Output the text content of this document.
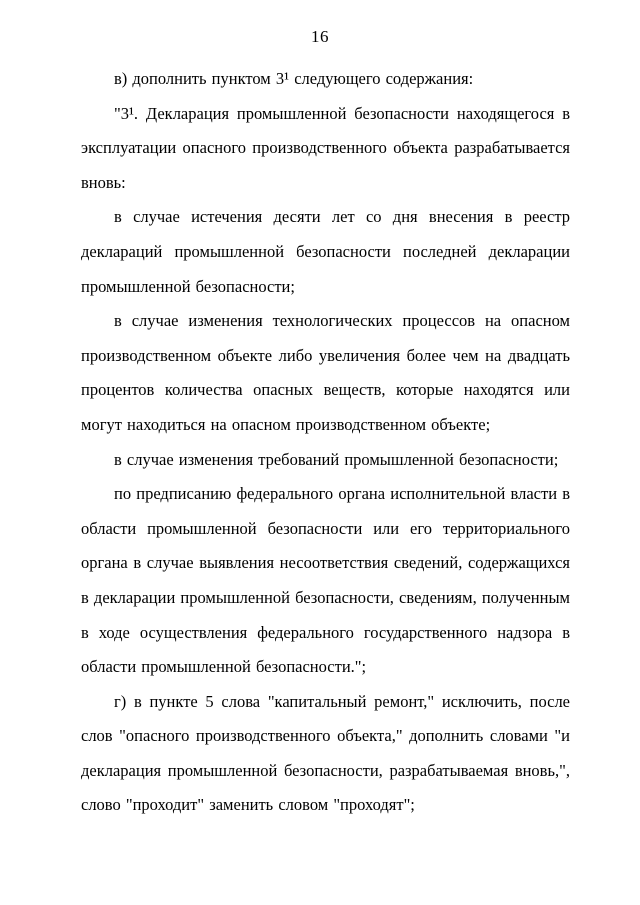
16

в) дополнить пунктом 3¹ следующего содержания:

"3¹. Декларация промышленной безопасности находящегося в эксплуатации опасного производственного объекта разрабатывается вновь:

в случае истечения десяти лет со дня внесения в реестр деклараций промышленной безопасности последней декларации промышленной безопасности;

в случае изменения технологических процессов на опасном производственном объекте либо увеличения более чем на двадцать процентов количества опасных веществ, которые находятся или могут находиться на опасном производственном объекте;

в случае изменения требований промышленной безопасности;

по предписанию федерального органа исполнительной власти в области промышленной безопасности или его территориального органа в случае выявления несоответствия сведений, содержащихся в декларации промышленной безопасности, сведениям, полученным в ходе осуществления федерального государственного надзора в области промышленной безопасности.";

г) в пункте 5 слова "капитальный ремонт," исключить, после слов "опасного производственного объекта," дополнить словами "и декларация промышленной безопасности, разрабатываемая вновь,", слово "проходит" заменить словом "проходят";
